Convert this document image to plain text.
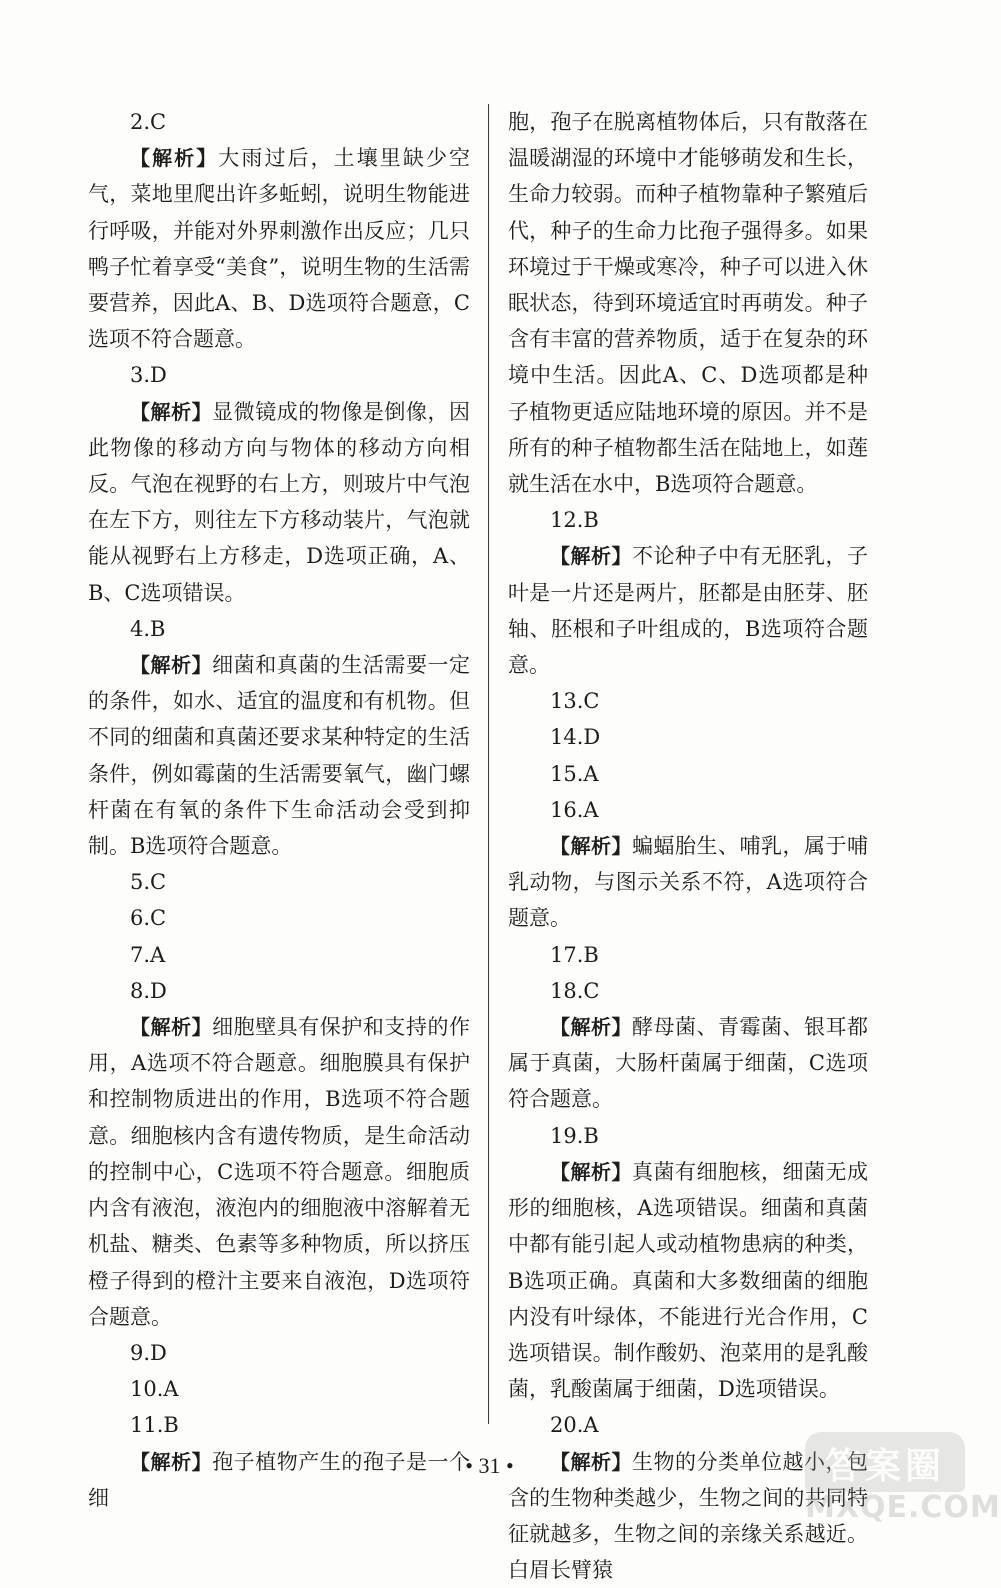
2.C
【解析】大雨过后，土壤里缺少空气，菜地里爬出许多蚯蚓，说明生物能进行呼吸，并能对外界刺激作出反应；几只鸭子忙着享受“美食”，说明生物的生活需要营养，因此A、B、D选项符合题意，C选项不符合题意。
3.D
【解析】显微镜成的物像是倒像，因此物像的移动方向与物体的移动方向相反。气泡在视野的右上方，则玻片中气泡在左下方，则往左下方移动装片，气泡就能从视野右上方移走，D选项正确，A、B、C选项错误。
4.B
【解析】细菌和真菌的生活需要一定的条件，如水、适宜的温度和有机物。但不同的细菌和真菌还要求某种特定的生活条件，例如霉菌的生活需要氧气，幽门螺杆菌在有氧的条件下生命活动会受到抑制。B选项符合题意。
5.C
6.C
7.A
8.D
【解析】细胞壁具有保护和支持的作用，A选项不符合题意。细胞膜具有保护和控制物质进出的作用，B选项不符合题意。细胞核内含有遗传物质，是生命活动的控制中心，C选项不符合题意。细胞质内含有液泡，液泡内的细胞液中溶解着无机盐、糖类、色素等多种物质，所以挤压橙子得到的橙汁主要来自液泡，D选项符合题意。
9.D
10.A
11.B
【解析】孢子植物产生的孢子是一个细
胞，孢子在脱离植物体后，只有散落在温暖湖湿的环境中才能够萌发和生长，生命力较弱。而种子植物靠种子繁殖后代，种子的生命力比孢子强得多。如果环境过于干燥或寒冷，种子可以进入休眠状态，待到环境适宜时再萌发。种子含有丰富的营养物质，适于在复杂的环境中生活。因此A、C、D选项都是种子植物更适应陆地环境的原因。并不是所有的种子植物都生活在陆地上，如莲就生活在水中，B选项符合题意。
12.B
【解析】不论种子中有无胚乳，子叶是一片还是两片，胚都是由胚芽、胚轴、胚根和子叶组成的，B选项符合题意。
13.C
14.D
15.A
16.A
【解析】蝙蝠胎生、哺乳，属于哺乳动物，与图示关系不符，A选项符合题意。
17.B
18.C
【解析】酵母菌、青霉菌、银耳都属于真菌，大肠杆菌属于细菌，C选项符合题意。
19.B
【解析】真菌有细胞核，细菌无成形的细胞核，A选项错误。细菌和真菌中都有能引起人或动植物患病的种类，B选项正确。真菌和大多数细菌的细胞内没有叶绿体，不能进行光合作用，C选项错误。制作酸奶、泡菜用的是乳酸菌，乳酸菌属于细菌，D选项错误。
20.A
【解析】生物的分类单位越小，包含的生物种类越少，生物之间的共同特征就越多，生物之间的亲缘关系越近。白眉长臂猿
• 31 •	答案圈
MXQE.COM
